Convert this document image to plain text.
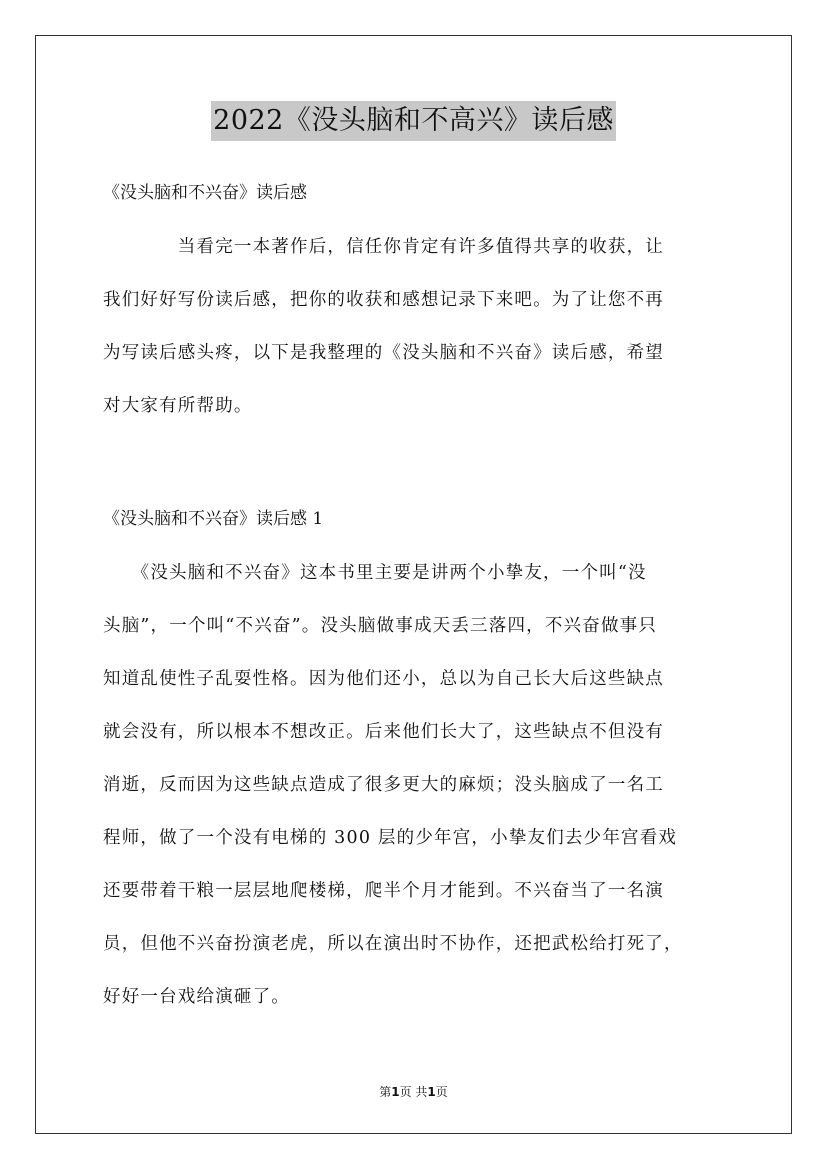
2022《没头脑和不高兴》读后感
《没头脑和不兴奋》读后感
　　　　当看完一本著作后，信任你肯定有许多值得共享的收获，让
我们好好写份读后感，把你的收获和感想记录下来吧。为了让您不再
为写读后感头疼，以下是我整理的《没头脑和不兴奋》读后感，希望
对大家有所帮助。
《没头脑和不兴奋》读后感 1
　　《没头脑和不兴奋》这本书里主要是讲两个小挚友，一个叫“没
头脑”，一个叫“不兴奋”。没头脑做事成天丢三落四，不兴奋做事只
知道乱使性子乱耍性格。因为他们还小，总以为自己长大后这些缺点
就会没有，所以根本不想改正。后来他们长大了，这些缺点不但没有
消逝，反而因为这些缺点造成了很多更大的麻烦；没头脑成了一名工
程师，做了一个没有电梯的 300 层的少年宫，小挚友们去少年宫看戏
还要带着干粮一层层地爬楼梯，爬半个月才能到。不兴奋当了一名演
员，但他不兴奋扮演老虎，所以在演出时不协作，还把武松给打死了，
好好一台戏给演砸了。
第1页 共1页
